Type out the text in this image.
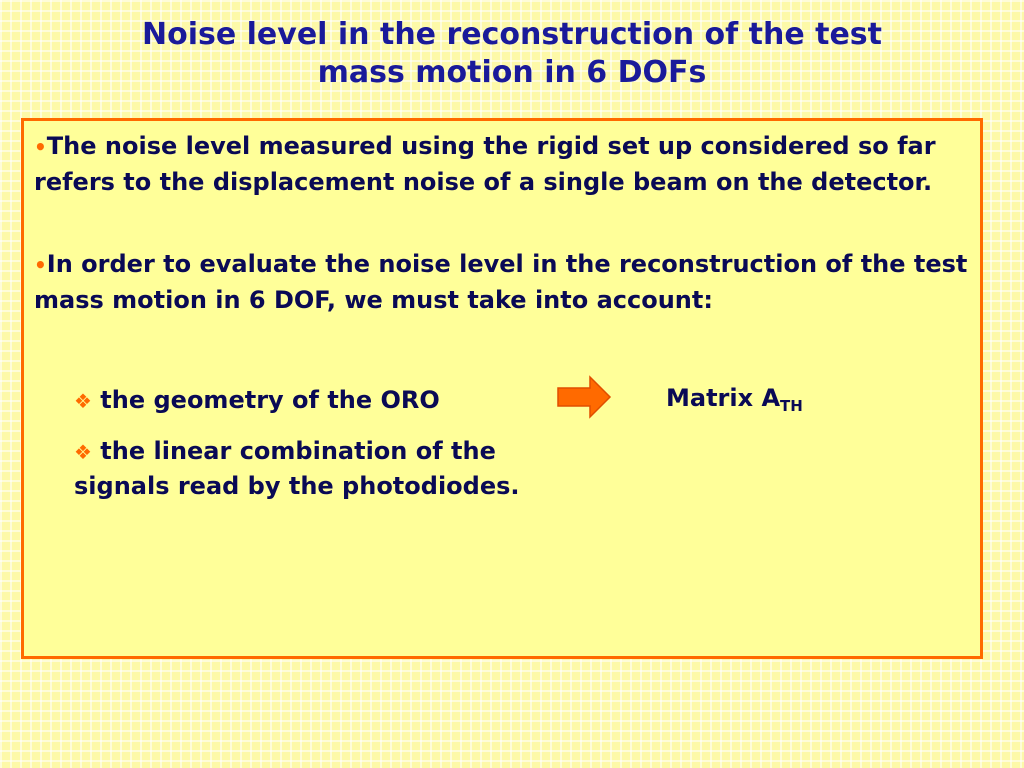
Noise level in the reconstruction of the test
mass motion in 6 DOFs
•The noise level measured using the rigid set up considered so far refers to the displacement noise of a single beam on the detector.
•In order to evaluate the noise level in the reconstruction of the test mass motion in 6 DOF, we must take into account:
❖ the geometry of the ORO
❖ the linear combination of the signals read by the photodiodes.
Matrix $A_{TH}$
